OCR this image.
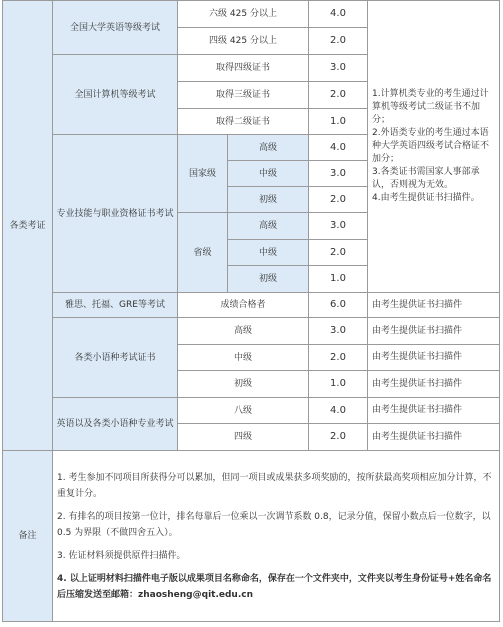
各类考证	全国大学英语等级考试	六级 425 分以上		4.0	1.计算机类专业的考生通过计算机等级考试二级证书不加分；
2.外语类专业的考生通过本语种大学英语四级考试合格证不加分；
3.各类证书需国家人事部承认，否则视为无效。
4.由考生提供证书扫描件。

		四级 425 分以上		2.0	
	全国计算机等级考试	取得四级证书		3.0	
		取得三级证书		2.0	
		取得二级证书		1.0	
	专业技能与职业资格证书考试	国家级	高级	4.0	
			中级	3.0	
			初级	2.0	
		省级	高级	3.0	
			中级	2.0	
			初级	1.0	
	雅思、托福、GRE等考试	成绩合格者		6.0	由考生提供证书扫描件
	各类小语种考试证书	高级		3.0	由考生提供证书扫描件
		中级		2.0	由考生提供证书扫描件
		初级		1.0	由考生提供证书扫描件
	英语以及各类小语种专业考试	八级		4.0	由考生提供证书扫描件
		四级		2.0	由考生提供证书扫描件
备注	1. 考生参加不同项目所获得分可以累加，但同一项目或成果获多项奖励的，按所获最高奖项相应加分计算，不重复计分。

2. 有排名的项目按第一位计，排名每靠后一位乘以一次调节系数 0.8，记录分值，保留小数点后一位数字，以 0.5 为界限（不做四舍五入）。

3. 佐证材料须提供原件扫描件。

4. 以上证明材料扫描件电子版以成果项目名称命名，保存在一个文件夹中，文件夹以考生身份证号+姓名命名后压缩发送至邮箱：zhaosheng@qit.edu.cn				
